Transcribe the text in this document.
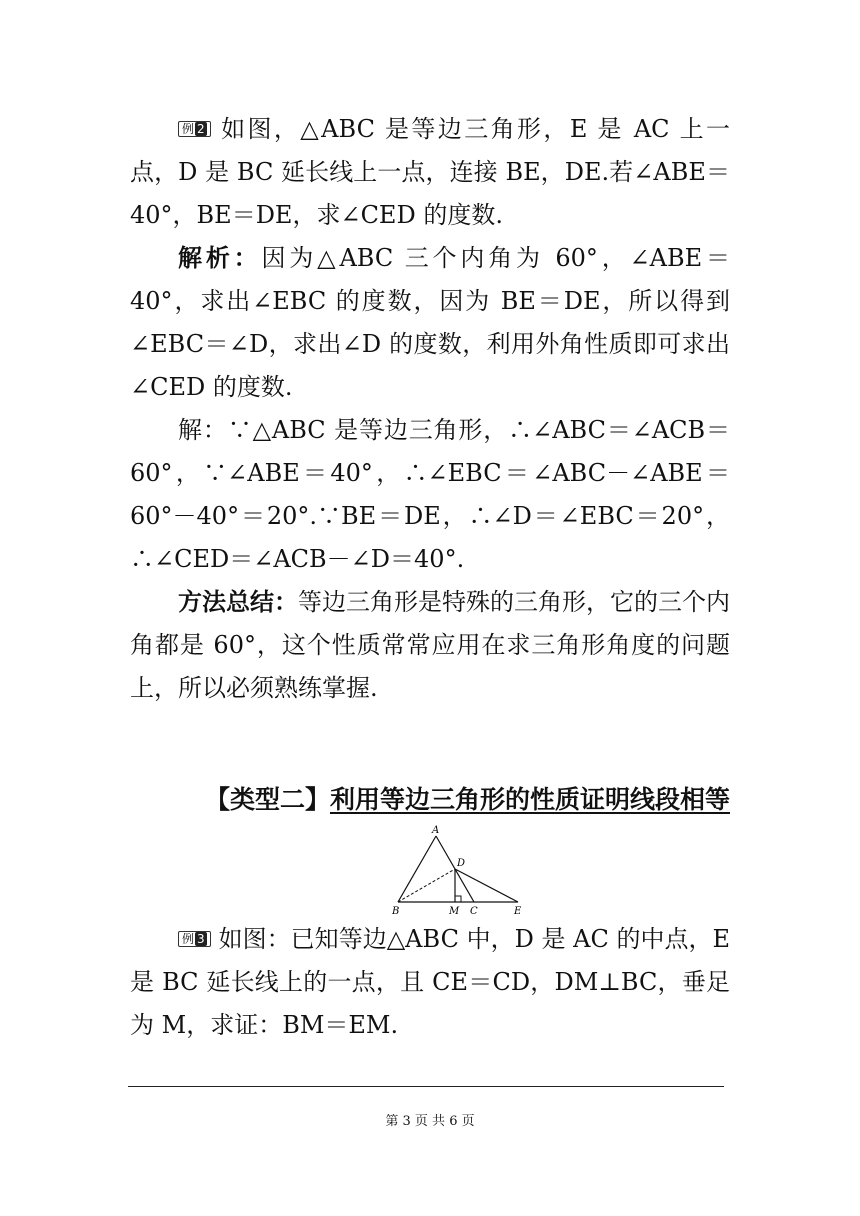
例 2 如图，△ABC 是等边三角形，E 是 AC 上一点，D 是 BC 延长线上一点，连接 BE，DE.若∠ABE＝40°，BE＝DE，求∠CED 的度数.

解析：因为△ABC 三个内角为 60°，∠ABE＝40°，求出∠EBC 的度数，因为 BE＝DE，所以得到∠EBC＝∠D，求出∠D 的度数，利用外角性质即可求出∠CED 的度数.

解：∵△ABC 是等边三角形，∴∠ABC＝∠ACB＝60°，∵∠ABE＝40°，∴∠EBC＝∠ABC－∠ABE＝60°－40°＝20°.∵BE＝DE，∴∠D＝∠EBC＝20°，∴∠CED＝∠ACB－∠D＝40°.

方法总结：等边三角形是特殊的三角形，它的三个内角都是 60°，这个性质常常应用在求三角形角度的问题上，所以必须熟练掌握.

【类型二】利用等边三角形的性质证明线段相等
A
D
B	M C	E

例 3 如图：已知等边△ABC 中，D 是 AC 的中点，E 是 BC 延长线上的一点，且 CE＝CD，DM⊥BC，垂足为 M，求证：BM＝EM.

第 3 页 共 6 页
